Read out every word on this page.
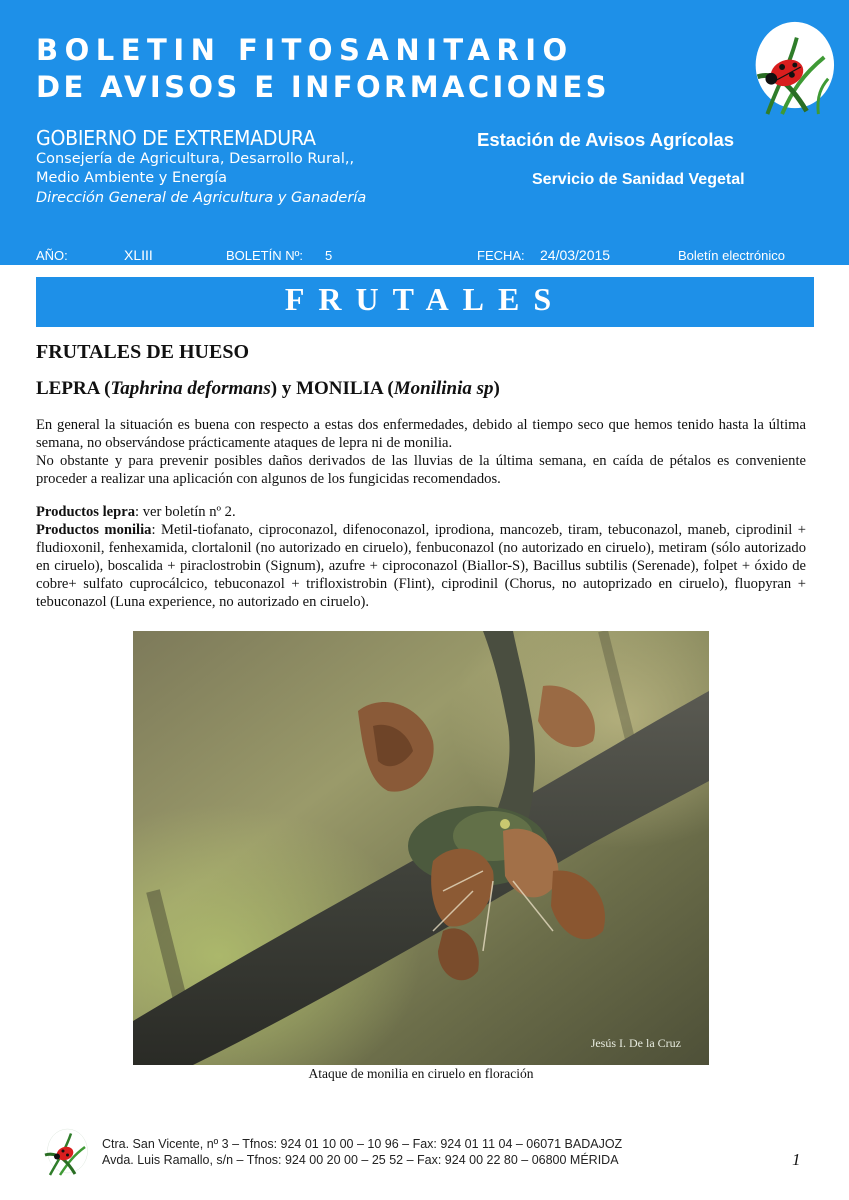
BOLETIN FITOSANITARIO
DE AVISOS E INFORMACIONES
GOBIERNO DE EXTREMADURA
Consejería de Agricultura, Desarrollo Rural,,
Medio Ambiente y Energía
Dirección General de Agricultura y Ganadería
Estación de Avisos Agrícolas
Servicio de Sanidad Vegetal
AÑO:	XLIII	BOLETÍN Nº: 5	FECHA: 24/03/2015	Boletín electrónico
FRUTALES
FRUTALES DE HUESO
LEPRA (Taphrina deformans) y MONILIA (Monilinia sp)
En general la situación es buena con respecto a estas dos enfermedades, debido al tiempo seco que hemos tenido hasta la última semana, no observándose prácticamente ataques de lepra ni de monilia.
No obstante y para prevenir posibles daños derivados de las lluvias de la última semana, en caída de pétalos es conveniente proceder a realizar una aplicación con algunos de los fungicidas recomendados.
Productos lepra: ver boletín nº 2.
Productos monilia: Metil-tiofanato, ciproconazol, difenoconazol, iprodiona, mancozeb, tiram, tebuconazol, maneb, ciprodinil + fludioxonil, fenhexamida, clortalonil (no autorizado en ciruelo), fenbuconazol (no autorizado en ciruelo), metiram (sólo autorizado en ciruelo), boscalida + piraclostrobin (Signum), azufre + ciproconazol (Biallor-S), Bacillus subtilis (Serenade), folpet + óxido de cobre+ sulfato cuprocálcico, tebuconazol + trifloxistrobin (Flint), ciprodinil (Chorus, no autoprizado en ciruelo), fluopyran + tebuconazol (Luna experience, no autorizado en ciruelo).
Jesús I. De la Cruz
Ataque de monilia en ciruelo en floración
Ctra. San Vicente, nº 3 – Tfnos: 924 01 10 00 – 10 96 – Fax: 924 01 11 04 – 06071 BADAJOZ
Avda. Luis Ramallo, s/n – Tfnos: 924 00 20 00 – 25 52 – Fax: 924 00 22 80 – 06800 MÉRIDA	1
